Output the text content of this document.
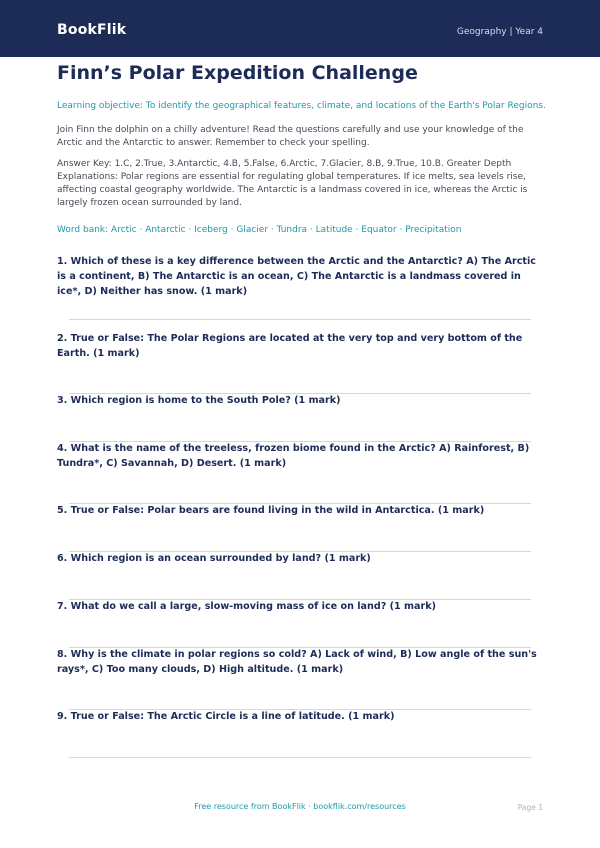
BookFlik	Geography | Year 4
Finn’s Polar Expedition Challenge
Learning objective: To identify the geographical features, climate, and locations of the Earth's Polar Regions.
Join Finn the dolphin on a chilly adventure! Read the questions carefully and use your knowledge of the Arctic and the Antarctic to answer. Remember to check your spelling.
Answer Key: 1.C, 2.True, 3.Antarctic, 4.B, 5.False, 6.Arctic, 7.Glacier, 8.B, 9.True, 10.B. Greater Depth Explanations: Polar regions are essential for regulating global temperatures. If ice melts, sea levels rise, affecting coastal geography worldwide. The Antarctic is a landmass covered in ice, whereas the Arctic is largely frozen ocean surrounded by land.
Word bank: Arctic · Antarctic · Iceberg · Glacier · Tundra · Latitude · Equator · Precipitation
1. Which of these is a key difference between the Arctic and the Antarctic? A) The Arctic is a continent, B) The Antarctic is an ocean, C) The Antarctic is a landmass covered in ice*, D) Neither has snow. (1 mark)
2. True or False: The Polar Regions are located at the very top and very bottom of the Earth. (1 mark)
3. Which region is home to the South Pole? (1 mark)
4. What is the name of the treeless, frozen biome found in the Arctic? A) Rainforest, B) Tundra*, C) Savannah, D) Desert. (1 mark)
5. True or False: Polar bears are found living in the wild in Antarctica. (1 mark)
6. Which region is an ocean surrounded by land? (1 mark)
7. What do we call a large, slow-moving mass of ice on land? (1 mark)
8. Why is the climate in polar regions so cold? A) Lack of wind, B) Low angle of the sun's rays*, C) Too many clouds, D) High altitude. (1 mark)
9. True or False: The Arctic Circle is a line of latitude. (1 mark)
Free resource from BookFlik · bookflik.com/resources	Page 1
